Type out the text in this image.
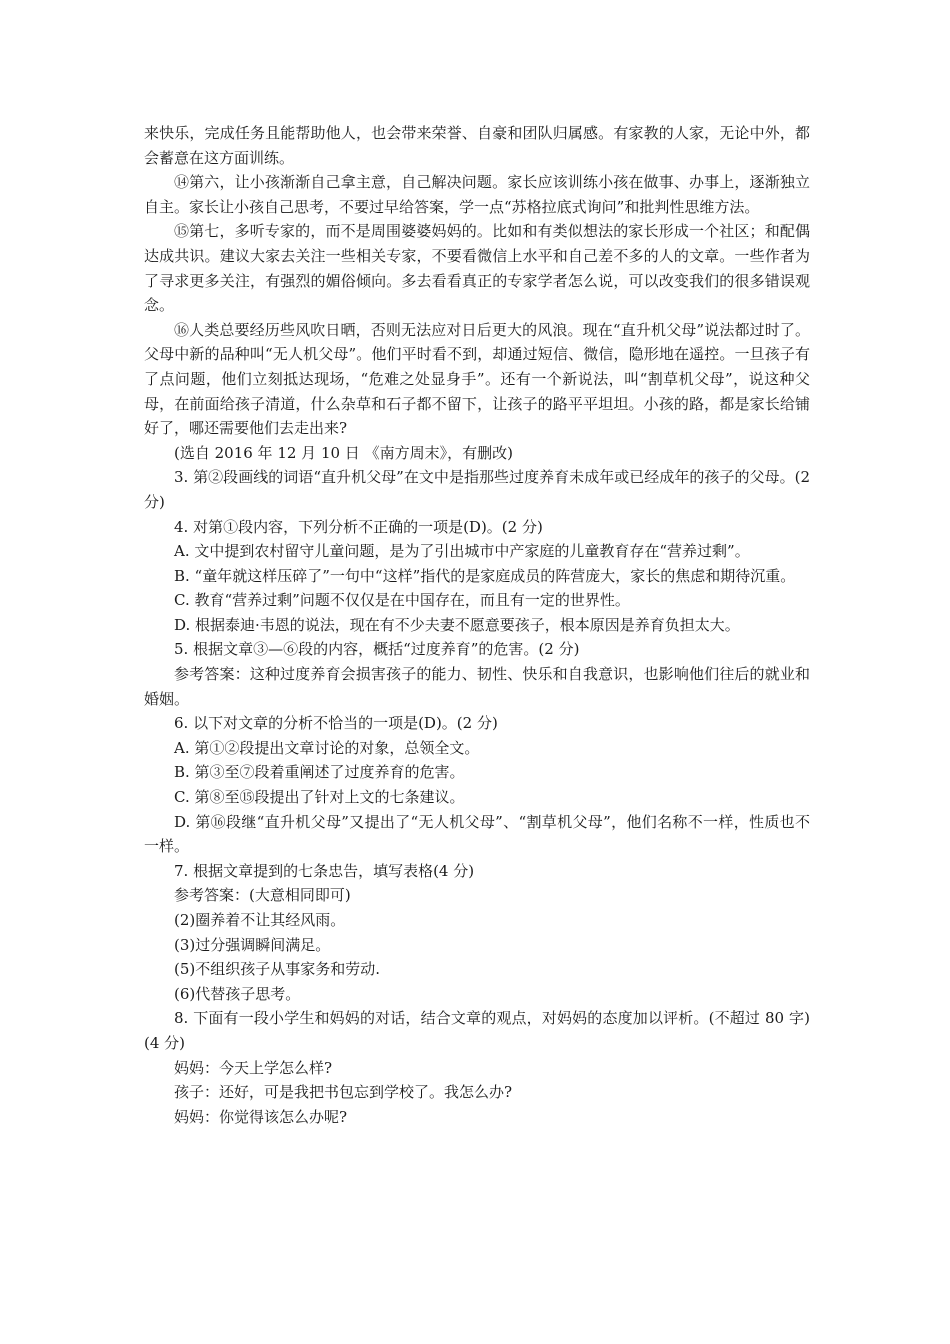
来快乐，完成任务且能帮助他人，也会带来荣誉、自豪和团队归属感。有家教的人家，无论中外，都会蓄意在这方面训练。

⑭第六，让小孩渐渐自己拿主意，自己解决问题。家长应该训练小孩在做事、办事上，逐渐独立自主。家长让小孩自己思考，不要过早给答案，学一点“苏格拉底式询问”和批判性思维方法。

⑮第七，多听专家的，而不是周围婆婆妈妈的。比如和有类似想法的家长形成一个社区；和配偶达成共识。建议大家去关注一些相关专家，不要看微信上水平和自己差不多的人的文章。一些作者为了寻求更多关注，有强烈的媚俗倾向。多去看看真正的专家学者怎么说，可以改变我们的很多错误观念。

⑯人类总要经历些风吹日晒，否则无法应对日后更大的风浪。现在“直升机父母”说法都过时了。父母中新的品种叫“无人机父母”。他们平时看不到，却通过短信、微信，隐形地在遥控。一旦孩子有了点问题，他们立刻抵达现场，“危难之处显身手”。还有一个新说法，叫“割草机父母”，说这种父母，在前面给孩子清道，什么杂草和石子都不留下，让孩子的路平平坦坦。小孩的路，都是家长给铺好了，哪还需要他们去走出来?

(选自 2016 年 12 月 10 日 《南方周末》，有删改)

3. 第②段画线的词语“直升机父母”在文中是指那些过度养育未成年或已经成年的孩子的父母。(2 分)

4. 对第①段内容，下列分析不正确的一项是(D)。(2 分)

A. 文中提到农村留守儿童问题，是为了引出城市中产家庭的儿童教育存在“营养过剩”。

B. “童年就这样压碎了”一句中“这样”指代的是家庭成员的阵营庞大，家长的焦虑和期待沉重。

C. 教育“营养过剩”问题不仅仅是在中国存在，而且有一定的世界性。

D. 根据泰迪·韦恩的说法，现在有不少夫妻不愿意要孩子，根本原因是养育负担太大。

5. 根据文章③—⑥段的内容，概括“过度养育”的危害。(2 分)

参考答案：这种过度养育会损害孩子的能力、韧性、快乐和自我意识，也影响他们往后的就业和婚姻。

6. 以下对文章的分析不恰当的一项是(D)。(2 分)

A. 第①②段提出文章讨论的对象，总领全文。

B. 第③至⑦段着重阐述了过度养育的危害。

C. 第⑧至⑮段提出了针对上文的七条建议。

D. 第⑯段继“直升机父母”又提出了“无人机父母”、“割草机父母”，他们名称不一样，性质也不一样。

7. 根据文章提到的七条忠告，填写表格(4 分)

参考答案：(大意相同即可)

(2)圈养着不让其经风雨。

(3)过分强调瞬间满足。

(5)不组织孩子从事家务和劳动.

(6)代替孩子思考。

8. 下面有一段小学生和妈妈的对话，结合文章的观点，对妈妈的态度加以评析。(不超过 80 字)(4 分)

妈妈：今天上学怎么样?

孩子：还好，可是我把书包忘到学校了。我怎么办?

妈妈：你觉得该怎么办呢?
